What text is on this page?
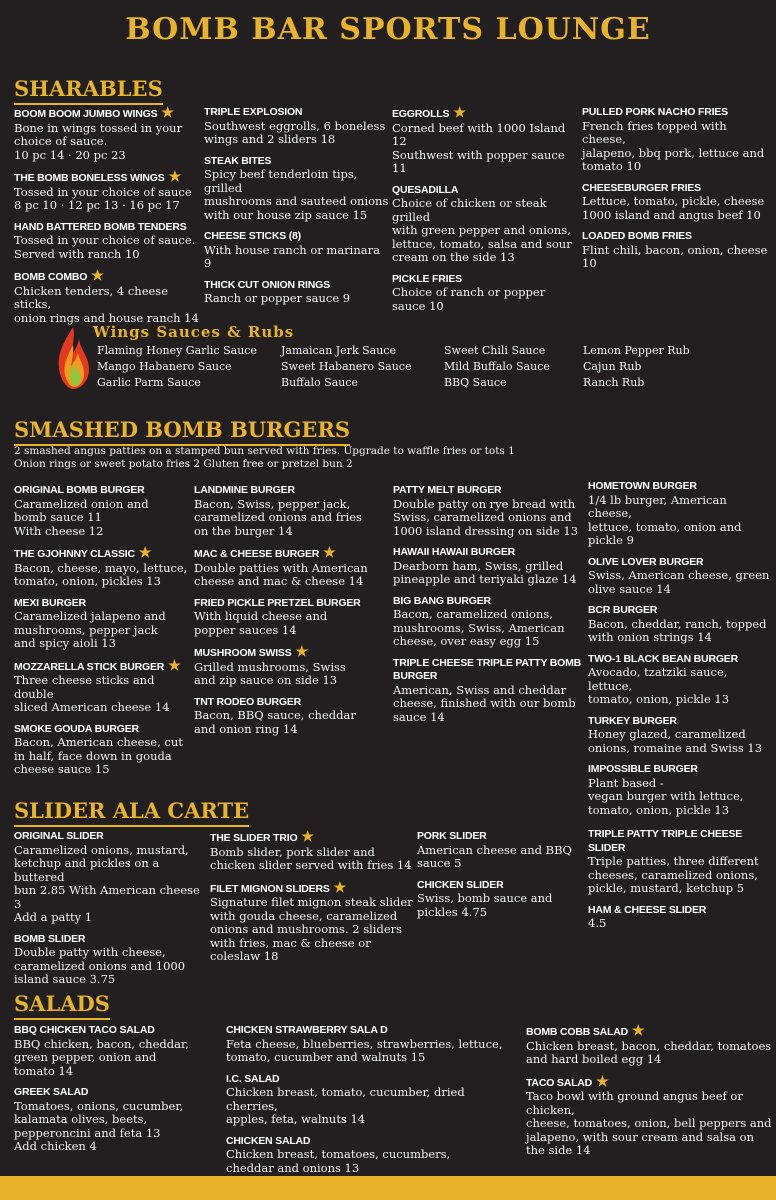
BOMB BAR SPORTS LOUNGE
SHARABLES
BOOM BOOM JUMBO WINGS ★
Bone in wings tossed in your
choice of sauce.
10 pc 14 · 20 pc 23
THE BOMB BONELESS WINGS ★
Tossed in your choice of sauce
8 pc 10 · 12 pc 13 · 16 pc 17
HAND BATTERED BOMB TENDERS
Tossed in your choice of sauce.
Served with ranch 10
BOMB COMBO ★
Chicken tenders, 4 cheese sticks,
onion rings and house ranch 14
TRIPLE EXPLOSION
Southwest eggrolls, 6 boneless
wings and 2 sliders 18
STEAK BITES
Spicy beef tenderloin tips, grilled
mushrooms and sauteed onions
with our house zip sauce 15
CHEESE STICKS (8)
With house ranch or marinara 9
THICK CUT ONION RINGS
Ranch or popper sauce 9
EGGROLLS ★
Corned beef with 1000 Island 12
Southwest with popper sauce 11
QUESADILLA
Choice of chicken or steak grilled
with green pepper and onions,
lettuce, tomato, salsa and sour
cream on the side 13
PICKLE FRIES
Choice of ranch or popper
sauce 10
PULLED PORK NACHO FRIES
French fries topped with cheese,
jalapeno, bbq pork, lettuce and
tomato 10
CHEESEBURGER FRIES
Lettuce, tomato, pickle, cheese
1000 island and angus beef 10
LOADED BOMB FRIES
Flint chili, bacon, onion, cheese 10
Wings Sauces & Rubs
Flaming Honey Garlic Sauce
Mango Habanero Sauce
Garlic Parm Sauce
Jamaican Jerk Sauce
Sweet Habanero Sauce
Buffalo Sauce
Sweet Chili Sauce
Mild Buffalo Sauce
BBQ Sauce
Lemon Pepper Rub
Cajun Rub
Ranch Rub
SMASHED BOMB BURGERS
2 smashed angus patties on a stamped bun served with fries. Upgrade to waffle fries or tots 1
Onion rings or sweet potato fries 2 Gluten free or pretzel bun 2
ORIGINAL BOMB BURGER
Caramelized onion and
bomb sauce 11
With cheese 12
THE GJOHNNY CLASSIC ★
Bacon, cheese, mayo, lettuce,
tomato, onion, pickles 13
MEXI BURGER
Caramelized jalapeno and
mushrooms, pepper jack
and spicy aioli 13
MOZZARELLA STICK BURGER ★
Three cheese sticks and double
sliced American cheese 14
SMOKE GOUDA BURGER
Bacon, American cheese, cut
in half, face down in gouda
cheese sauce 15
LANDMINE BURGER
Bacon, Swiss, pepper jack,
caramelized onions and fries
on the burger 14
MAC & CHEESE BURGER ★
Double patties with American
cheese and mac & cheese 14
FRIED PICKLE PRETZEL BURGER
With liquid cheese and
popper sauces 14
MUSHROOM SWISS ★
Grilled mushrooms, Swiss
and zip sauce on side 13
TNT RODEO BURGER
Bacon, BBQ sauce, cheddar
and onion ring 14
PATTY MELT BURGER
Double patty on rye bread with
Swiss, caramelized onions and
1000 island dressing on side 13
HAWAII HAWAII BURGER
Dearborn ham, Swiss, grilled
pineapple and teriyaki glaze 14
BIG BANG BURGER
Bacon, caramelized onions,
mushrooms, Swiss, American
cheese, over easy egg 15
TRIPLE CHEESE TRIPLE PATTY BOMB BURGER
American, Swiss and cheddar
cheese, finished with our bomb
sauce 14
HOMETOWN BURGER
1/4 lb burger, American cheese,
lettuce, tomato, onion and
pickle 9
OLIVE LOVER BURGER
Swiss, American cheese, green
olive sauce 14
BCR BURGER
Bacon, cheddar, ranch, topped
with onion strings 14
TWO-1 BLACK BEAN BURGER
Avocado, tzatziki sauce, lettuce,
tomato, onion, pickle 13
TURKEY BURGER
Honey glazed, caramelized
onions, romaine and Swiss 13
IMPOSSIBLE BURGER
Plant based -
vegan burger with lettuce,
tomato, onion, pickle 13
SLIDER ALA CARTE
ORIGINAL SLIDER
Caramelized onions, mustard,
ketchup and pickles on a buttered
bun 2.85 With American cheese 3
Add a patty 1
BOMB SLIDER
Double patty with cheese,
caramelized onions and 1000
island sauce 3.75
THE SLIDER TRIO ★
Bomb slider, pork slider and
chicken slider served with fries 14
FILET MIGNON SLIDERS ★
Signature filet mignon steak slider
with gouda cheese, caramelized
onions and mushrooms. 2 sliders
with fries, mac & cheese or
coleslaw 18
PORK SLIDER
American cheese and BBQ
sauce 5
CHICKEN SLIDER
Swiss, bomb sauce and
pickles 4.75
TRIPLE PATTY TRIPLE CHEESE SLIDER
Triple patties, three different
cheeses, caramelized onions,
pickle, mustard, ketchup 5
HAM & CHEESE SLIDER
4.5
SALADS
BBQ CHICKEN TACO SALAD
BBQ chicken, bacon, cheddar,
green pepper, onion and
tomato 14
GREEK SALAD
Tomatoes, onions, cucumber,
kalamata olives, beets,
pepperoncini and feta 13
Add chicken 4
CHICKEN STRAWBERRY SALA D
Feta cheese, blueberries, strawberries, lettuce,
tomato, cucumber and walnuts 15
I.C. SALAD
Chicken breast, tomato, cucumber, dried cherries,
apples, feta, walnuts 14
CHICKEN SALAD
Chicken breast, tomatoes, cucumbers,
cheddar and onions 13
BOMB COBB SALAD ★
Chicken breast, bacon, cheddar, tomatoes
and hard boiled egg 14
TACO SALAD ★
Taco bowl with ground angus beef or chicken,
cheese, tomatoes, onion, bell peppers and
jalapeno, with sour cream and salsa on
the side 14
